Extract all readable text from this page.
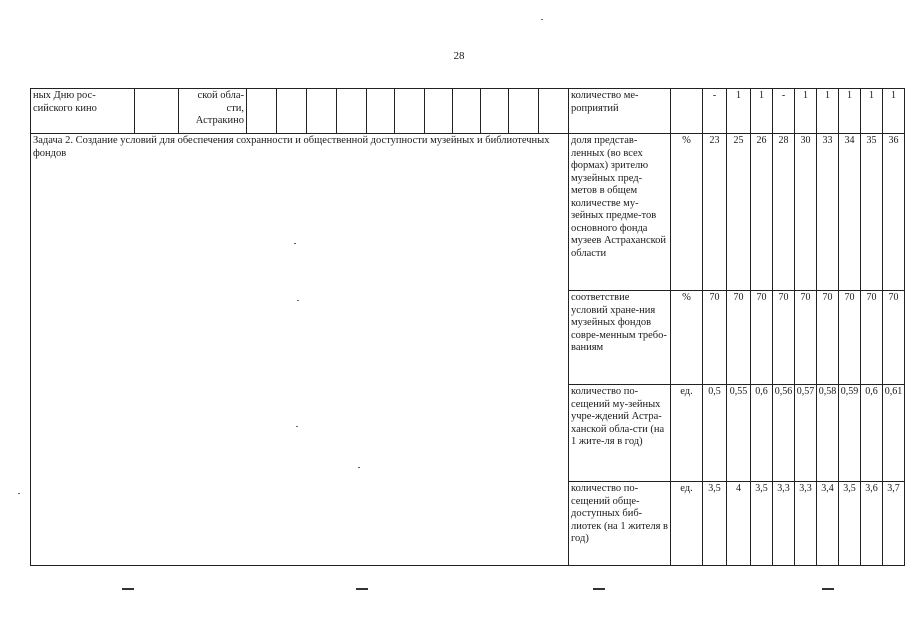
28
ных Дню рос-сийского кино		ской обла-сти, Астракино												количество ме-роприятий		-	1	1	-	1	1	1	1	1
Задача 2. Создание условий для обеспечения сохранности и общественной доступности музейных и библиотечных фондов														доля представ-ленных (во всех формах) зрителю музейных пред-метов в общем количестве му-зейных предме-тов основного фонда музеев Астраханской области	%	23	25	26	28	30	33	34	35	36
														соответствие условий хране-ния музейных фондов совре-менным требо-ваниям	%	70	70	70	70	70	70	70	70	70
														количество по-сещений му-зейных учре-ждений Астра-ханской обла-сти (на 1 жите-ля в год)	ед.	0,5	0,55	0,6	0,56	0,57	0,58	0,59	0,6	0,61
														количество по-сещений обще-доступных биб-лиотек (на 1 жителя в год)	ед.	3,5	4	3,5	3,3	3,3	3,4	3,5	3,6	3,7
